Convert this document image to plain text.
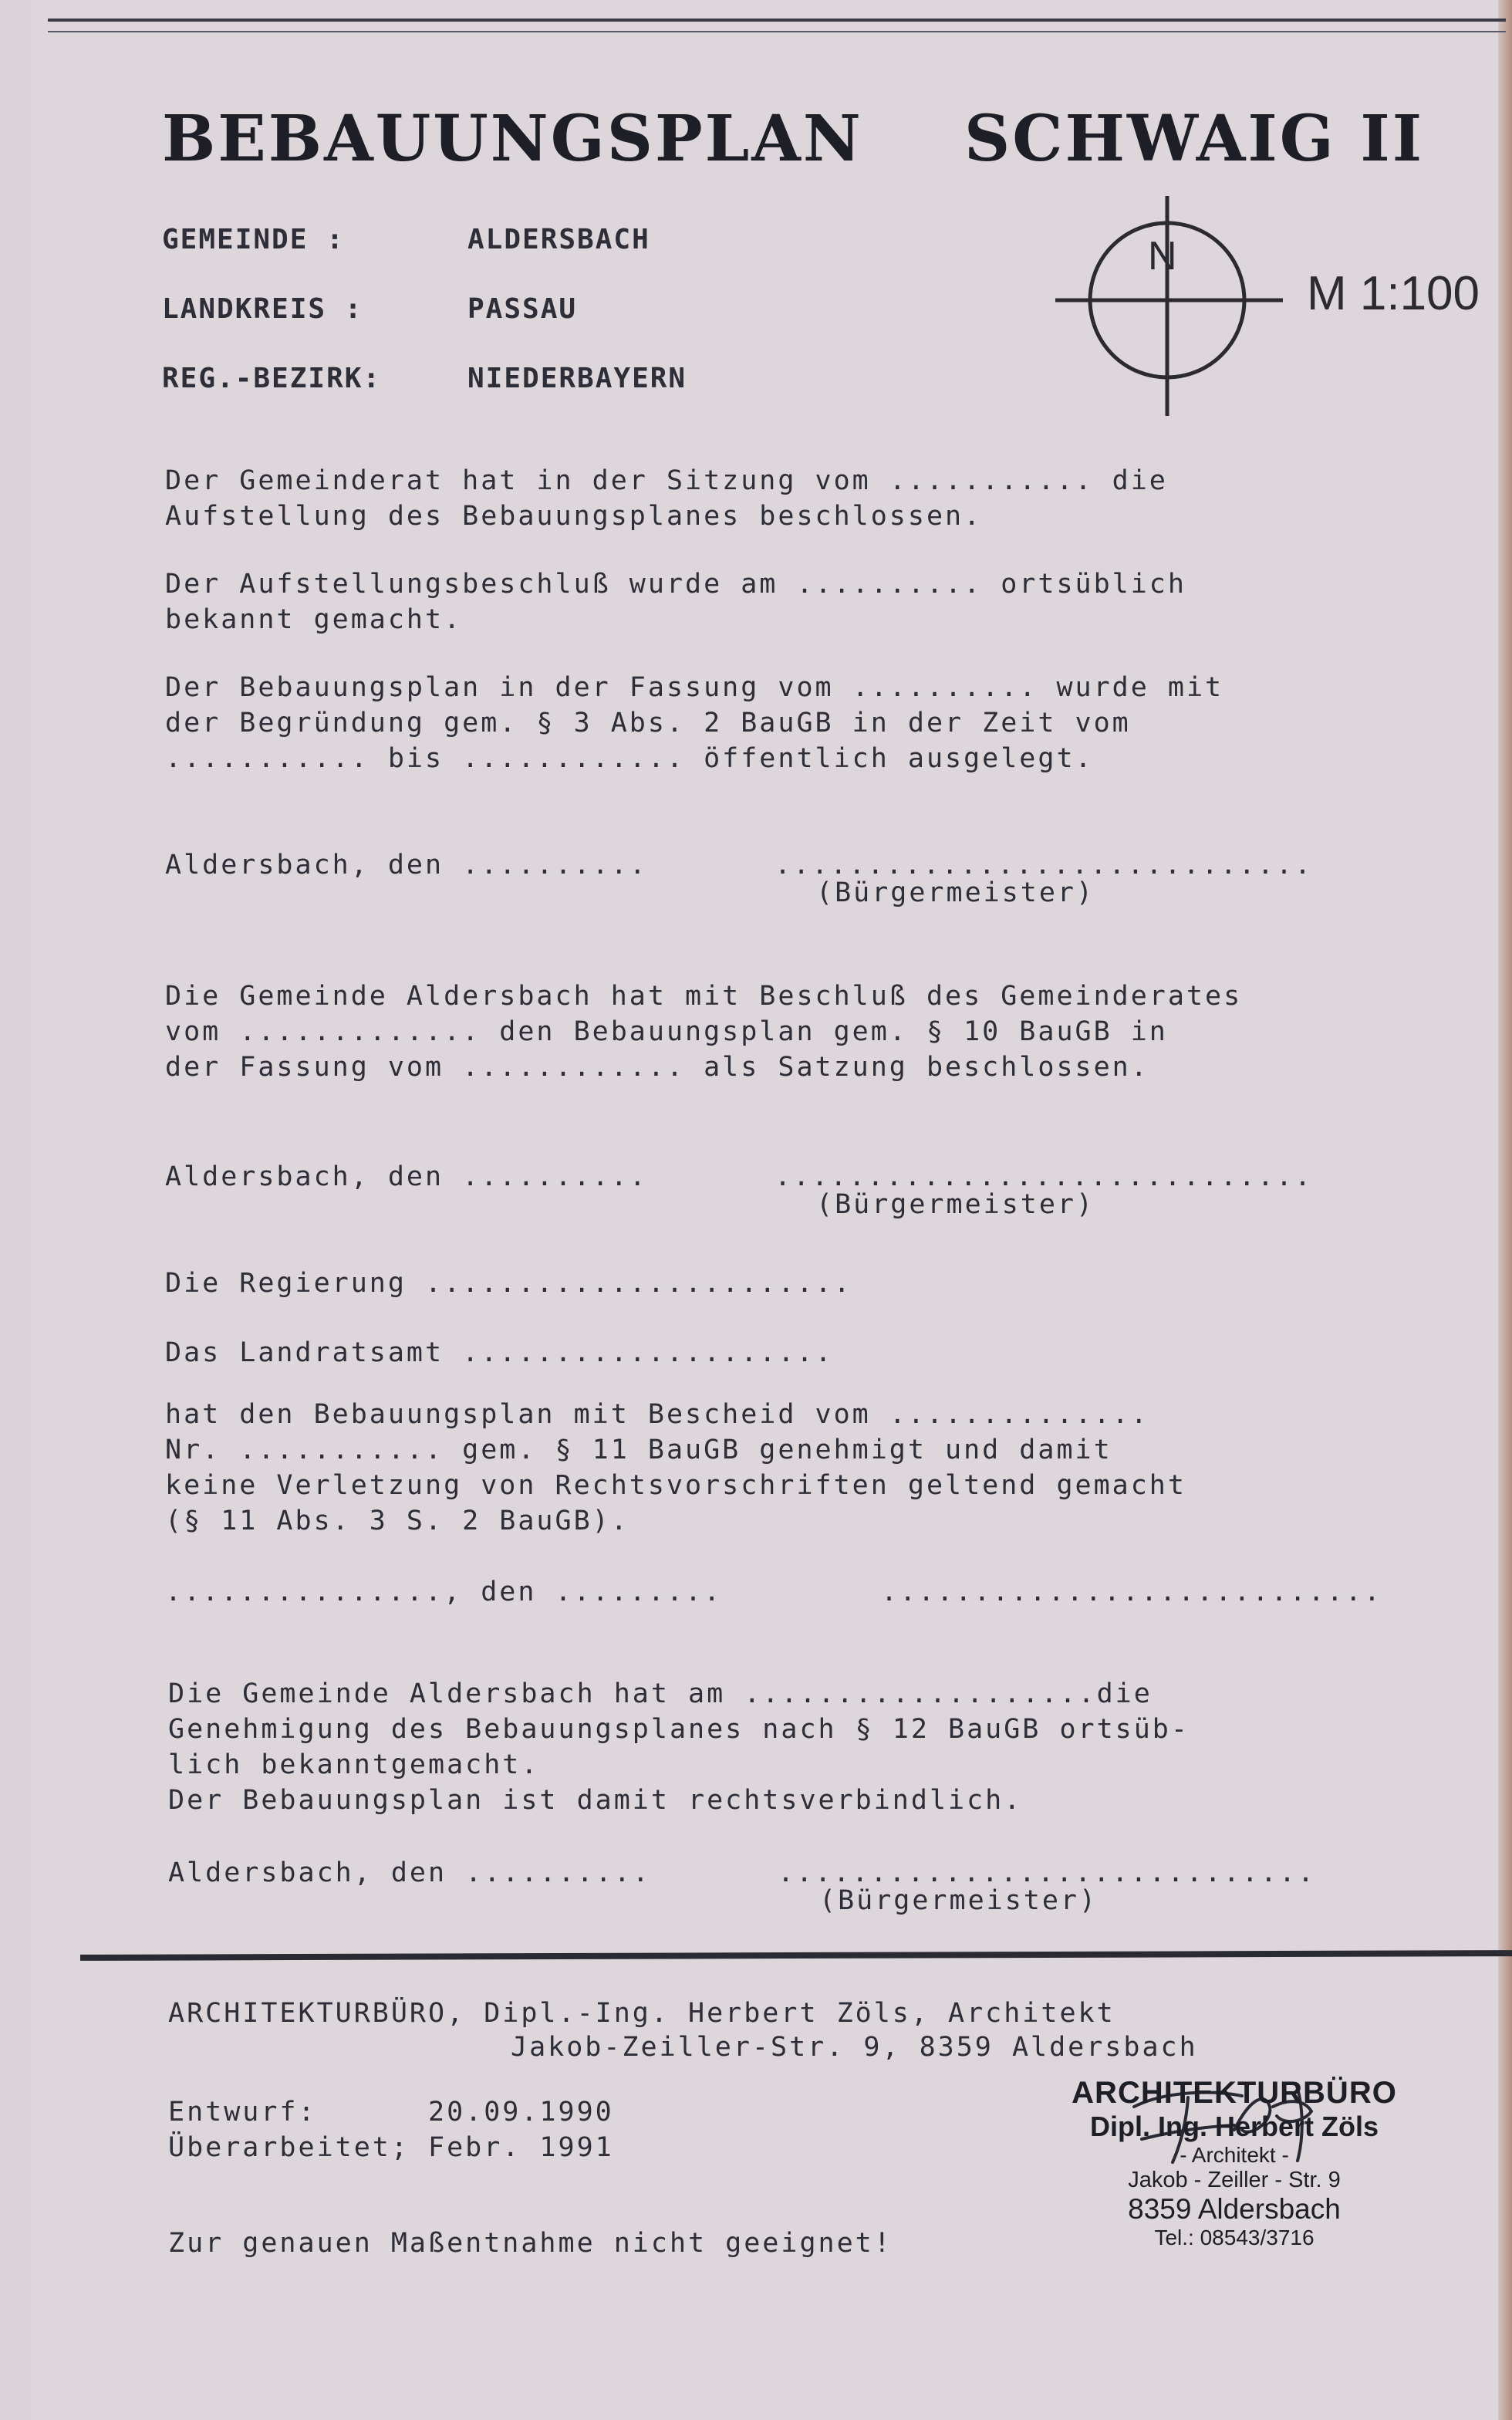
BEBAUUNGSPLAN SCHWAIG II
GEMEINDE :	ALDERSBACH
LANDKREIS :	PASSAU
REG.-BEZIRK:	NIEDERBAYERN
N
M 1:100
Der Gemeinderat hat in der Sitzung vom ........... die
Aufstellung des Bebauungsplanes beschlossen.
Der Aufstellungsbeschluß wurde am .......... ortsüblich
bekannt gemacht.
Der Bebauungsplan in der Fassung vom .......... wurde mit
der Begründung gem. § 3 Abs. 2 BauGB in der Zeit vom
........... bis ............ öffentlich ausgelegt.
Aldersbach, den ..........	.............................
(Bürgermeister)
Die Gemeinde Aldersbach hat mit Beschluß des Gemeinderates
vom ............. den Bebauungsplan gem. § 10 BauGB in
der Fassung vom ............ als Satzung beschlossen.
Aldersbach, den ..........	.............................
(Bürgermeister)
Die Regierung .......................
Das Landratsamt ....................
hat den Bebauungsplan mit Bescheid vom ..............
Nr. ........... gem. § 11 BauGB genehmigt und damit
keine Verletzung von Rechtsvorschriften geltend gemacht
(§ 11 Abs. 3 S. 2 BauGB).
..............., den .........	...........................
Die Gemeinde Aldersbach hat am ...................die
Genehmigung des Bebauungsplanes nach § 12 BauGB ortsüb-
lich bekanntgemacht.
Der Bebauungsplan ist damit rechtsverbindlich.
Aldersbach, den ..........	.............................
(Bürgermeister)
ARCHITEKTURBÜRO, Dipl.-Ing. Herbert Zöls, Architekt
Jakob-Zeiller-Str. 9, 8359 Aldersbach
Entwurf:      20.09.1990
Überarbeitet; Febr. 1991
Zur genauen Maßentnahme nicht geeignet!
ARCHITEKTURBÜRO
Dipl. Ing. Herbert Zöls
- Architekt -
Jakob - Zeiller - Str. 9
8359 Aldersbach
Tel.: 08543/3716
